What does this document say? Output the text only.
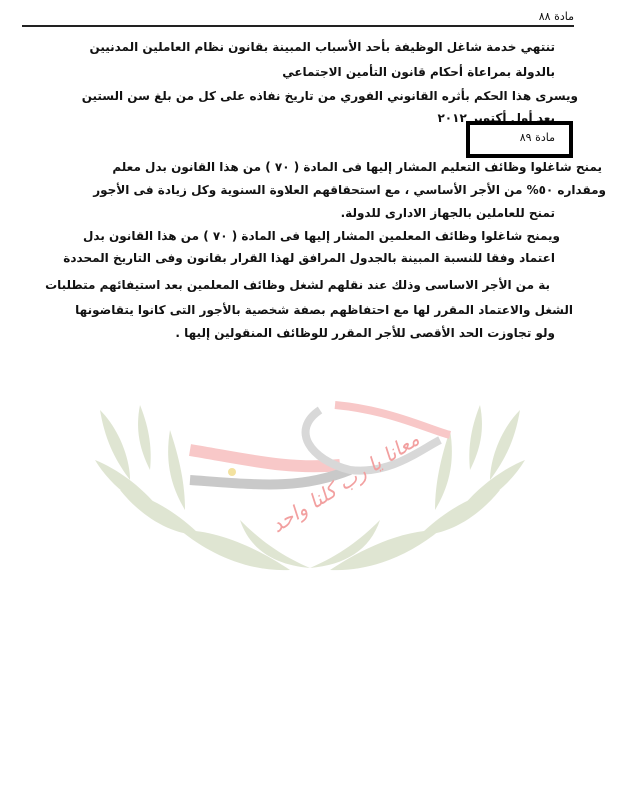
معانا يا رب كلنا واحد
مادة ٨٨
تنتهي خدمة شاغل الوظيفة بأحد الأسباب المبينة بقانون نظام العاملين المدنيين
بالدولة بمراعاة أحكام قانون التأمين الاجتماعي
ويسرى هذا الحكم بأثره القانوني الفوري من تاريخ نفاذه على كل من بلغ سن الستين
بعد أول أكتوبر ٢٠١٢
مادة ٨٩
يمنح شاغلوا وظائف التعليم المشار إليها فى المادة ( ٧٠ ) من هذا القانون بدل معلم
ومقداره ٥٠% من الأجر الأساسي ، مع استحقاقهم العلاوة السنوية وكل زيادة فى الأجور
تمنح للعاملين بالجهاز الادارى للدولة.
ويمنح شاغلوا وظائف المعلمين المشار إليها فى المادة ( ٧٠ ) من هذا القانون بدل
اعتماد وفقا للنسبة المبينة بالجدول المرافق لهذا القرار بقانون وفى التاريخ المحددة
بة من الأجر الاساسى وذلك عند نقلهم لشغل وظائف المعلمين بعد استيفائهم متطلبات
الشغل والاعتماد المقرر لها مع احتفاظهم بصفة شخصية بالأجور التى كانوا يتقاضونها
ولو تجاوزت الحد الأقصى للأجر المقرر للوظائف المنقولين إليها .
